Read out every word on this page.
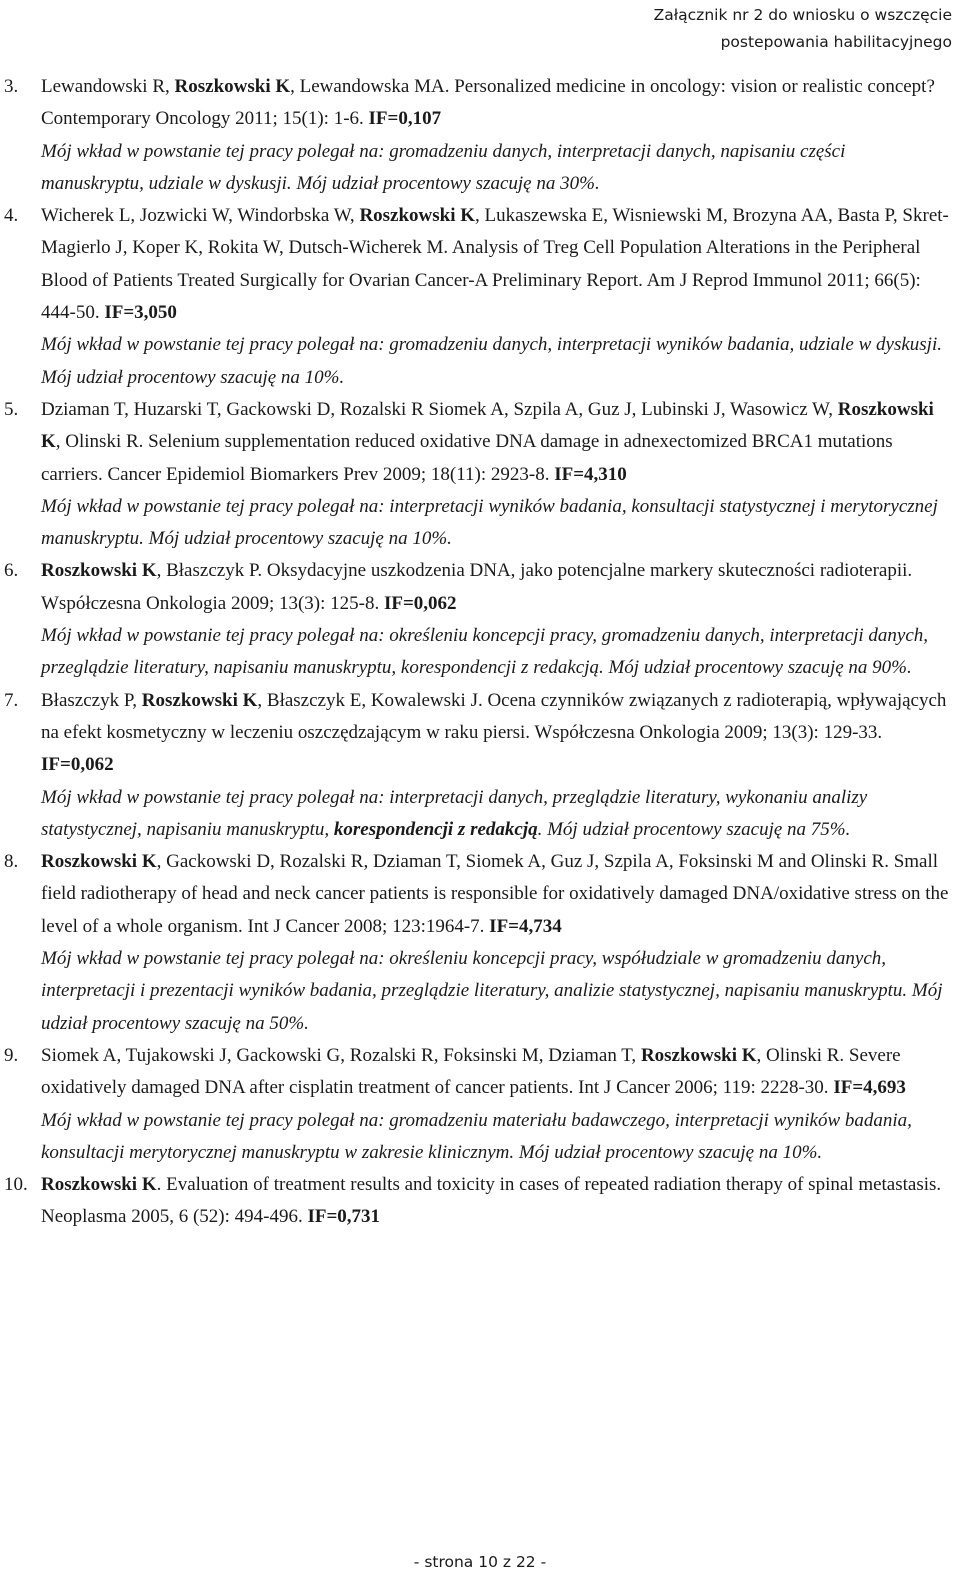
Załącznik nr 2 do wniosku o wszczęcie
postepowania habilitacyjnego
3. Lewandowski R, Roszkowski K, Lewandowska MA. Personalized medicine in oncology: vision or realistic concept? Contemporary Oncology 2011; 15(1): 1-6. IF=0,107
Mój wkład w powstanie tej pracy polegał na: gromadzeniu danych, interpretacji danych, napisaniu części manuskryptu, udziale w dyskusji. Mój udział procentowy szacuję na 30%.
4. Wicherek L, Jozwicki W, Windorbska W, Roszkowski K, Lukaszewska E, Wisniewski M, Brozyna AA, Basta P, Skret-Magierlo J, Koper K, Rokita W, Dutsch-Wicherek M. Analysis of Treg Cell Population Alterations in the Peripheral Blood of Patients Treated Surgically for Ovarian Cancer-A Preliminary Report. Am J Reprod Immunol 2011; 66(5): 444-50. IF=3,050
Mój wkład w powstanie tej pracy polegał na: gromadzeniu danych, interpretacji wyników badania, udziale w dyskusji. Mój udział procentowy szacuję na 10%.
5. Dziaman T, Huzarski T, Gackowski D, Rozalski R Siomek A, Szpila A, Guz J, Lubinski J, Wasowicz W, Roszkowski K, Olinski R. Selenium supplementation reduced oxidative DNA damage in adnexectomized BRCA1 mutations carriers. Cancer Epidemiol Biomarkers Prev 2009; 18(11): 2923-8. IF=4,310
Mój wkład w powstanie tej pracy polegał na: interpretacji wyników badania, konsultacji statystycznej i merytorycznej manuskryptu. Mój udział procentowy szacuję na 10%.
6. Roszkowski K, Błaszczyk P. Oksydacyjne uszkodzenia DNA, jako potencjalne markery skuteczności radioterapii. Współczesna Onkologia 2009; 13(3): 125-8. IF=0,062
Mój wkład w powstanie tej pracy polegał na: określeniu koncepcji pracy, gromadzeniu danych, interpretacji danych, przeglądzie literatury, napisaniu manuskryptu, korespondencji z redakcją. Mój udział procentowy szacuję na 90%.
7. Błaszczyk P, Roszkowski K, Błaszczyk E, Kowalewski J. Ocena czynników związanych z radioterapią, wpływających na efekt kosmetyczny w leczeniu oszczędzającym w raku piersi. Współczesna Onkologia 2009; 13(3): 129-33. IF=0,062
Mój wkład w powstanie tej pracy polegał na: interpretacji danych, przeglądzie literatury, wykonaniu analizy statystycznej, napisaniu manuskryptu, korespondencji z redakcją. Mój udział procentowy szacuję na 75%.
8. Roszkowski K, Gackowski D, Rozalski R, Dziaman T, Siomek A, Guz J, Szpila A, Foksinski M and Olinski R. Small field radiotherapy of head and neck cancer patients is responsible for oxidatively damaged DNA/oxidative stress on the level of a whole organism. Int J Cancer 2008; 123:1964-7. IF=4,734
Mój wkład w powstanie tej pracy polegał na: określeniu koncepcji pracy, współudziale w gromadzeniu danych, interpretacji i prezentacji wyników badania, przeglądzie literatury, analizie statystycznej, napisaniu manuskryptu. Mój udział procentowy szacuję na 50%.
9. Siomek A, Tujakowski J, Gackowski G, Rozalski R, Foksinski M, Dziaman T, Roszkowski K, Olinski R. Severe oxidatively damaged DNA after cisplatin treatment of cancer patients. Int J Cancer 2006; 119: 2228-30. IF=4,693
Mój wkład w powstanie tej pracy polegał na: gromadzeniu materiału badawczego, interpretacji wyników badania, konsultacji merytorycznej manuskryptu w zakresie klinicznym. Mój udział procentowy szacuję na 10%.
10. Roszkowski K. Evaluation of treatment results and toxicity in cases of repeated radiation therapy of spinal metastasis. Neoplasma 2005, 6 (52): 494-496. IF=0,731
- strona 10 z 22 -
